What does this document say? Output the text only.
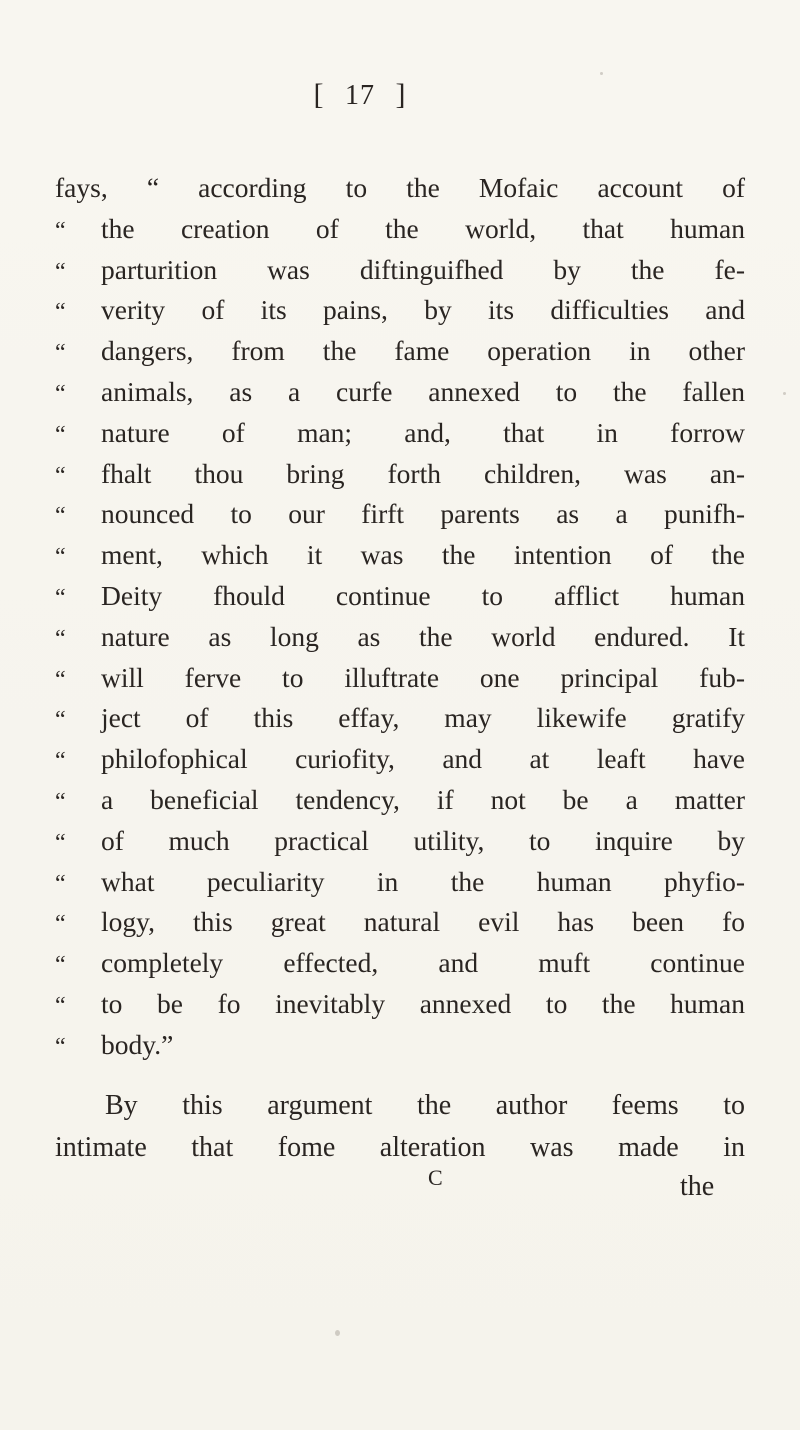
[ 17 ]
fays, “ according to the Mofaic account of
“	the creation of the world, that human
“	parturition was diftinguifhed by the fe-
“	verity of its pains, by its difficulties and
“	dangers, from the fame operation in other
“	animals, as a curfe annexed to the fallen
“	nature of man; and, that in forrow
“	fhalt thou bring forth children, was an-
“	nounced to our firft parents as a punifh-
“	ment, which it was the intention of the
“	Deity fhould continue to afflict human
“	nature as long as the world endured. It
“	will ferve to illuftrate one principal fub-
“	ject of this effay, may likewife gratify
“	philofophical curiofity, and at leaft have
“	a beneficial tendency, if not be a matter
“	of much practical utility, to inquire by
“	what peculiarity in the human phyfio-
“	logy, this great natural evil has been fo
“	completely effected, and muft continue
“	to be fo inevitably annexed to the human
“	body.”
By this argument the author feems to
intimate that fome alteration was made in
C	the
